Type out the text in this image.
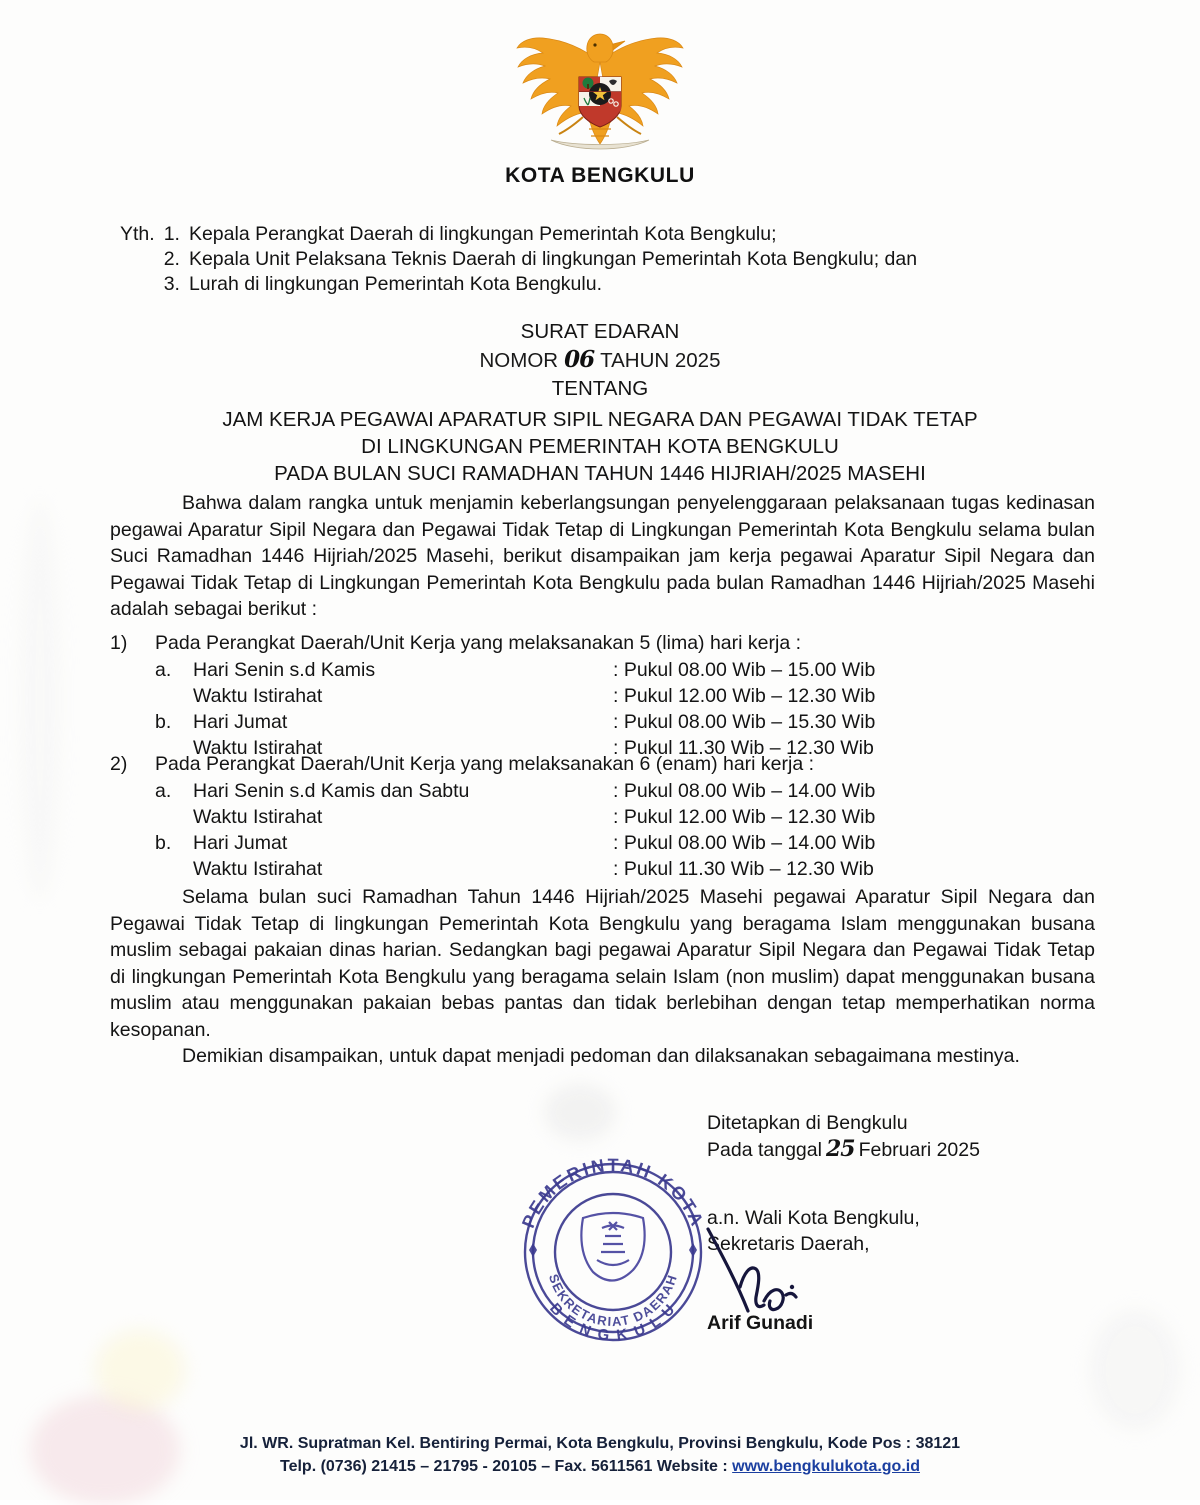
KOTA BENGKULU
Yth.	1.	Kepala Perangkat Daerah di lingkungan Pemerintah Kota Bengkulu;
	2.	Kepala Unit Pelaksana Teknis Daerah di lingkungan Pemerintah Kota Bengkulu; dan
	3.	Lurah di lingkungan Pemerintah Kota Bengkulu.
SURAT EDARAN
NOMOR 06 TAHUN 2025
TENTANG
JAM KERJA PEGAWAI APARATUR SIPIL NEGARA DAN PEGAWAI TIDAK TETAP
DI LINGKUNGAN PEMERINTAH KOTA BENGKULU
PADA BULAN SUCI RAMADHAN TAHUN 1446 HIJRIAH/2025 MASEHI
Bahwa dalam rangka untuk menjamin keberlangsungan penyelenggaraan pelaksanaan tugas kedinasan pegawai Aparatur Sipil Negara dan Pegawai Tidak Tetap di Lingkungan Pemerintah Kota Bengkulu selama bulan Suci Ramadhan 1446 Hijriah/2025 Masehi, berikut disampaikan jam kerja pegawai Aparatur Sipil Negara dan Pegawai Tidak Tetap di Lingkungan Pemerintah Kota Bengkulu pada bulan Ramadhan 1446 Hijriah/2025 Masehi adalah sebagai berikut :
1)	Pada Perangkat Daerah/Unit Kerja yang melaksanakan 5 (lima) hari kerja :
	a.	Hari Senin s.d Kamis	: Pukul 08.00 Wib – 15.00 Wib
		Waktu Istirahat	: Pukul 12.00 Wib – 12.30 Wib
	b.	Hari Jumat	: Pukul 08.00 Wib – 15.30 Wib
		Waktu Istirahat	: Pukul 11.30 Wib – 12.30 Wib
2)	Pada Perangkat Daerah/Unit Kerja yang melaksanakan 6 (enam) hari kerja :
	a.	Hari Senin s.d Kamis dan Sabtu	: Pukul 08.00 Wib – 14.00 Wib
		Waktu Istirahat	: Pukul 12.00 Wib – 12.30 Wib
	b.	Hari Jumat	: Pukul 08.00 Wib – 14.00 Wib
		Waktu Istirahat	: Pukul 11.30 Wib – 12.30 Wib
Selama bulan suci Ramadhan Tahun 1446 Hijriah/2025 Masehi pegawai Aparatur Sipil Negara dan Pegawai Tidak Tetap di lingkungan Pemerintah Kota Bengkulu yang beragama Islam menggunakan busana muslim sebagai pakaian dinas harian. Sedangkan bagi pegawai Aparatur Sipil Negara dan Pegawai Tidak Tetap di lingkungan Pemerintah Kota Bengkulu yang beragama selain Islam (non muslim) dapat menggunakan busana muslim atau menggunakan pakaian bebas pantas dan tidak berlebihan dengan tetap memperhatikan norma kesopanan.
Demikian disampaikan, untuk dapat menjadi pedoman dan dilaksanakan sebagaimana mestinya.
Ditetapkan di Bengkulu
Pada tanggal 25 Februari 2025
a.n. Wali Kota Bengkulu,
Sekretaris Daerah,
Arif Gunadi
PEMERINTAH KOTA
B E N G K U L U
SEKRETARIAT DAERAH
Jl. WR. Supratman Kel. Bentiring Permai, Kota Bengkulu, Provinsi Bengkulu, Kode Pos : 38121
Telp. (0736) 21415 – 21795 - 20105 – Fax. 5611561 Website : www.bengkulukota.go.id
